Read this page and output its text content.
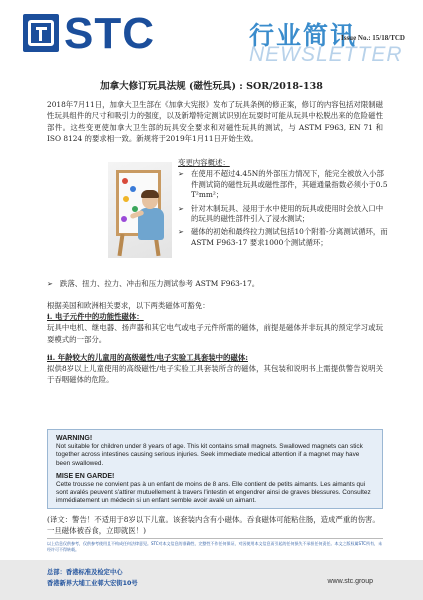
STC	行业简讯
NEWSLETTER
Issue No.: 15/18/TCD
加拿大修订玩具法规 (磁性玩具) : SOR/2018-138

2018年7月11日，加拿大卫生部在《加拿大宪报》发布了玩具条例的修正案，修订的内容包括对限制磁性玩具组件的尺寸和吸引力的强度，以及新增特定测试识别在玩耍时可能从玩具中松脱出来的危险磁性部件。这些变更使加拿大卫生部的玩具安全要求和对磁性玩具的测试，与 ASTM F963, EN 71 和 ISO 8124 的要求相一致。新规将于2019年1月11日开始生效。

变更内容概述：
➢ 在使用不超过4.45N的外部压力情况下，能完全被放入小部件测试筒的磁性玩具或磁性部件，其磁通量指数必须小于0.5 T²mm²；
➢ 针对木制玩具、浸用于水中使用的玩具或使用时会放入口中的玩具的磁性部件引入了浸水测试；
➢ 磁体的初始和最终拉力测试包括10个附着-分离测试循环，而 ASTM F963-17 要求1000个测试循环；
➢ 跌落、扭力、拉力、冲击和压力测试参考 ASTM F963-17。
根据美国和欧洲相关要求，以下两类磁体可豁免：
i. 电子元件中的功能性磁体：
玩具中电机、继电器、扬声器和其它电气或电子元件所需的磁体，前提是磁体并非玩具的预定学习或玩耍模式的一部分。
ii. 年龄较大的儿童用的高级磁性/电子实验工具套装中的磁体:
拟供8岁以上儿童使用的高级磁性/电子实验工具套装所含的磁体，其包装和说明书上需提供警告说明关于吞咽磁体的危险。
WARNING!
Not suitable for children under 8 years of age. This kit contains small magnets. Swallowed magnets can stick together across intestines causing serious injuries. Seek immediate medical attention if a magnet may have been swallowed.
MISE EN GARDE!
Cette trousse ne convient pas à un enfant de moins de 8 ans. Elle contient de petits aimants. Les aimants qui sont avalés peuvent s'attirer mutuellement à travers l'intestin et engendrer ainsi de graves blessures. Consultez immédiatement un médecin si un enfant semble avoir avalé un aimant.

(译文：警告！不适用于8岁以下儿童。该套装内含有小磁体。吞食磁体可能粘住肠，造成严重的伤害。一旦磁体被吞食，立即就医！)

以上信息仅供参考，仅供参考使用且不构成任何法律意见。STC对本文信息的准确性、完整性不作任何保证，对因使用本文信息而引起的任何损失不承担任何责任。本文之版权属STC所有，未经许可不得转载。
总部：香港标准及检定中心
香港新界大埔工业邨大宏街10号	www.stc.group
